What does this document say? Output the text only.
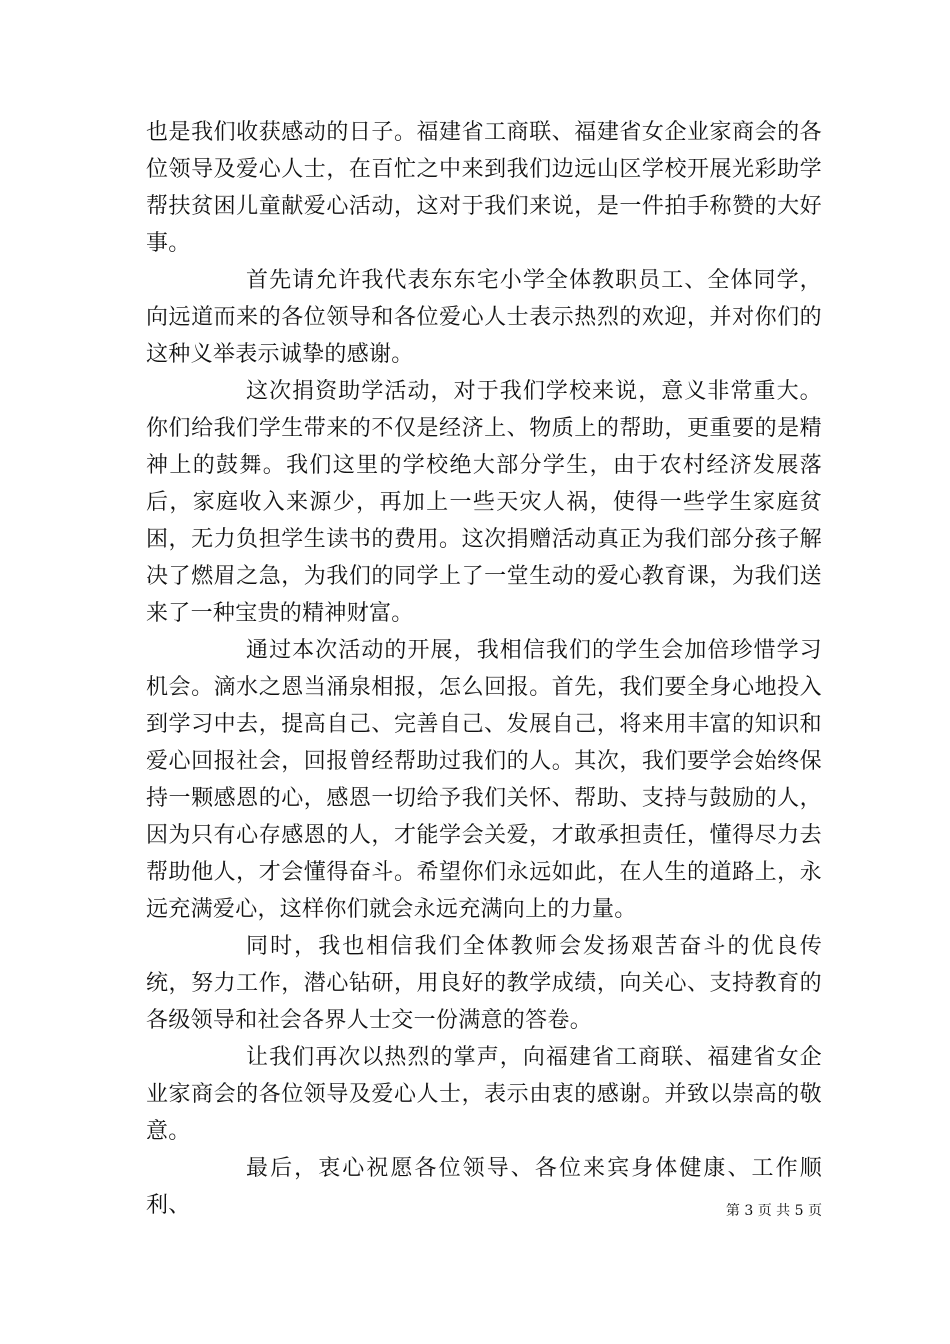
也是我们收获感动的日子。福建省工商联、福建省女企业家商会的各位领导及爱心人士，在百忙之中来到我们边远山区学校开展光彩助学帮扶贫困儿童献爱心活动，这对于我们来说，是一件拍手称赞的大好事。

首先请允许我代表东东宅小学全体教职员工、全体同学，向远道而来的各位领导和各位爱心人士表示热烈的欢迎，并对你们的这种义举表示诚挚的感谢。

这次捐资助学活动，对于我们学校来说，意义非常重大。你们给我们学生带来的不仅是经济上、物质上的帮助，更重要的是精神上的鼓舞。我们这里的学校绝大部分学生，由于农村经济发展落后，家庭收入来源少，再加上一些天灾人祸，使得一些学生家庭贫困，无力负担学生读书的费用。这次捐赠活动真正为我们部分孩子解决了燃眉之急，为我们的同学上了一堂生动的爱心教育课，为我们送来了一种宝贵的精神财富。

通过本次活动的开展，我相信我们的学生会加倍珍惜学习机会。滴水之恩当涌泉相报，怎么回报。首先，我们要全身心地投入到学习中去，提高自己、完善自己、发展自己，将来用丰富的知识和爱心回报社会，回报曾经帮助过我们的人。其次，我们要学会始终保持一颗感恩的心，感恩一切给予我们关怀、帮助、支持与鼓励的人，因为只有心存感恩的人，才能学会关爱，才敢承担责任，懂得尽力去帮助他人，才会懂得奋斗。希望你们永远如此，在人生的道路上，永远充满爱心，这样你们就会永远充满向上的力量。

同时，我也相信我们全体教师会发扬艰苦奋斗的优良传统，努力工作，潜心钻研，用良好的教学成绩，向关心、支持教育的各级领导和社会各界人士交一份满意的答卷。

让我们再次以热烈的掌声，向福建省工商联、福建省女企业家商会的各位领导及爱心人士，表示由衷的感谢。并致以崇高的敬意。

最后，衷心祝愿各位领导、各位来宾身体健康、工作顺利、	第 3 页 共 5 页
